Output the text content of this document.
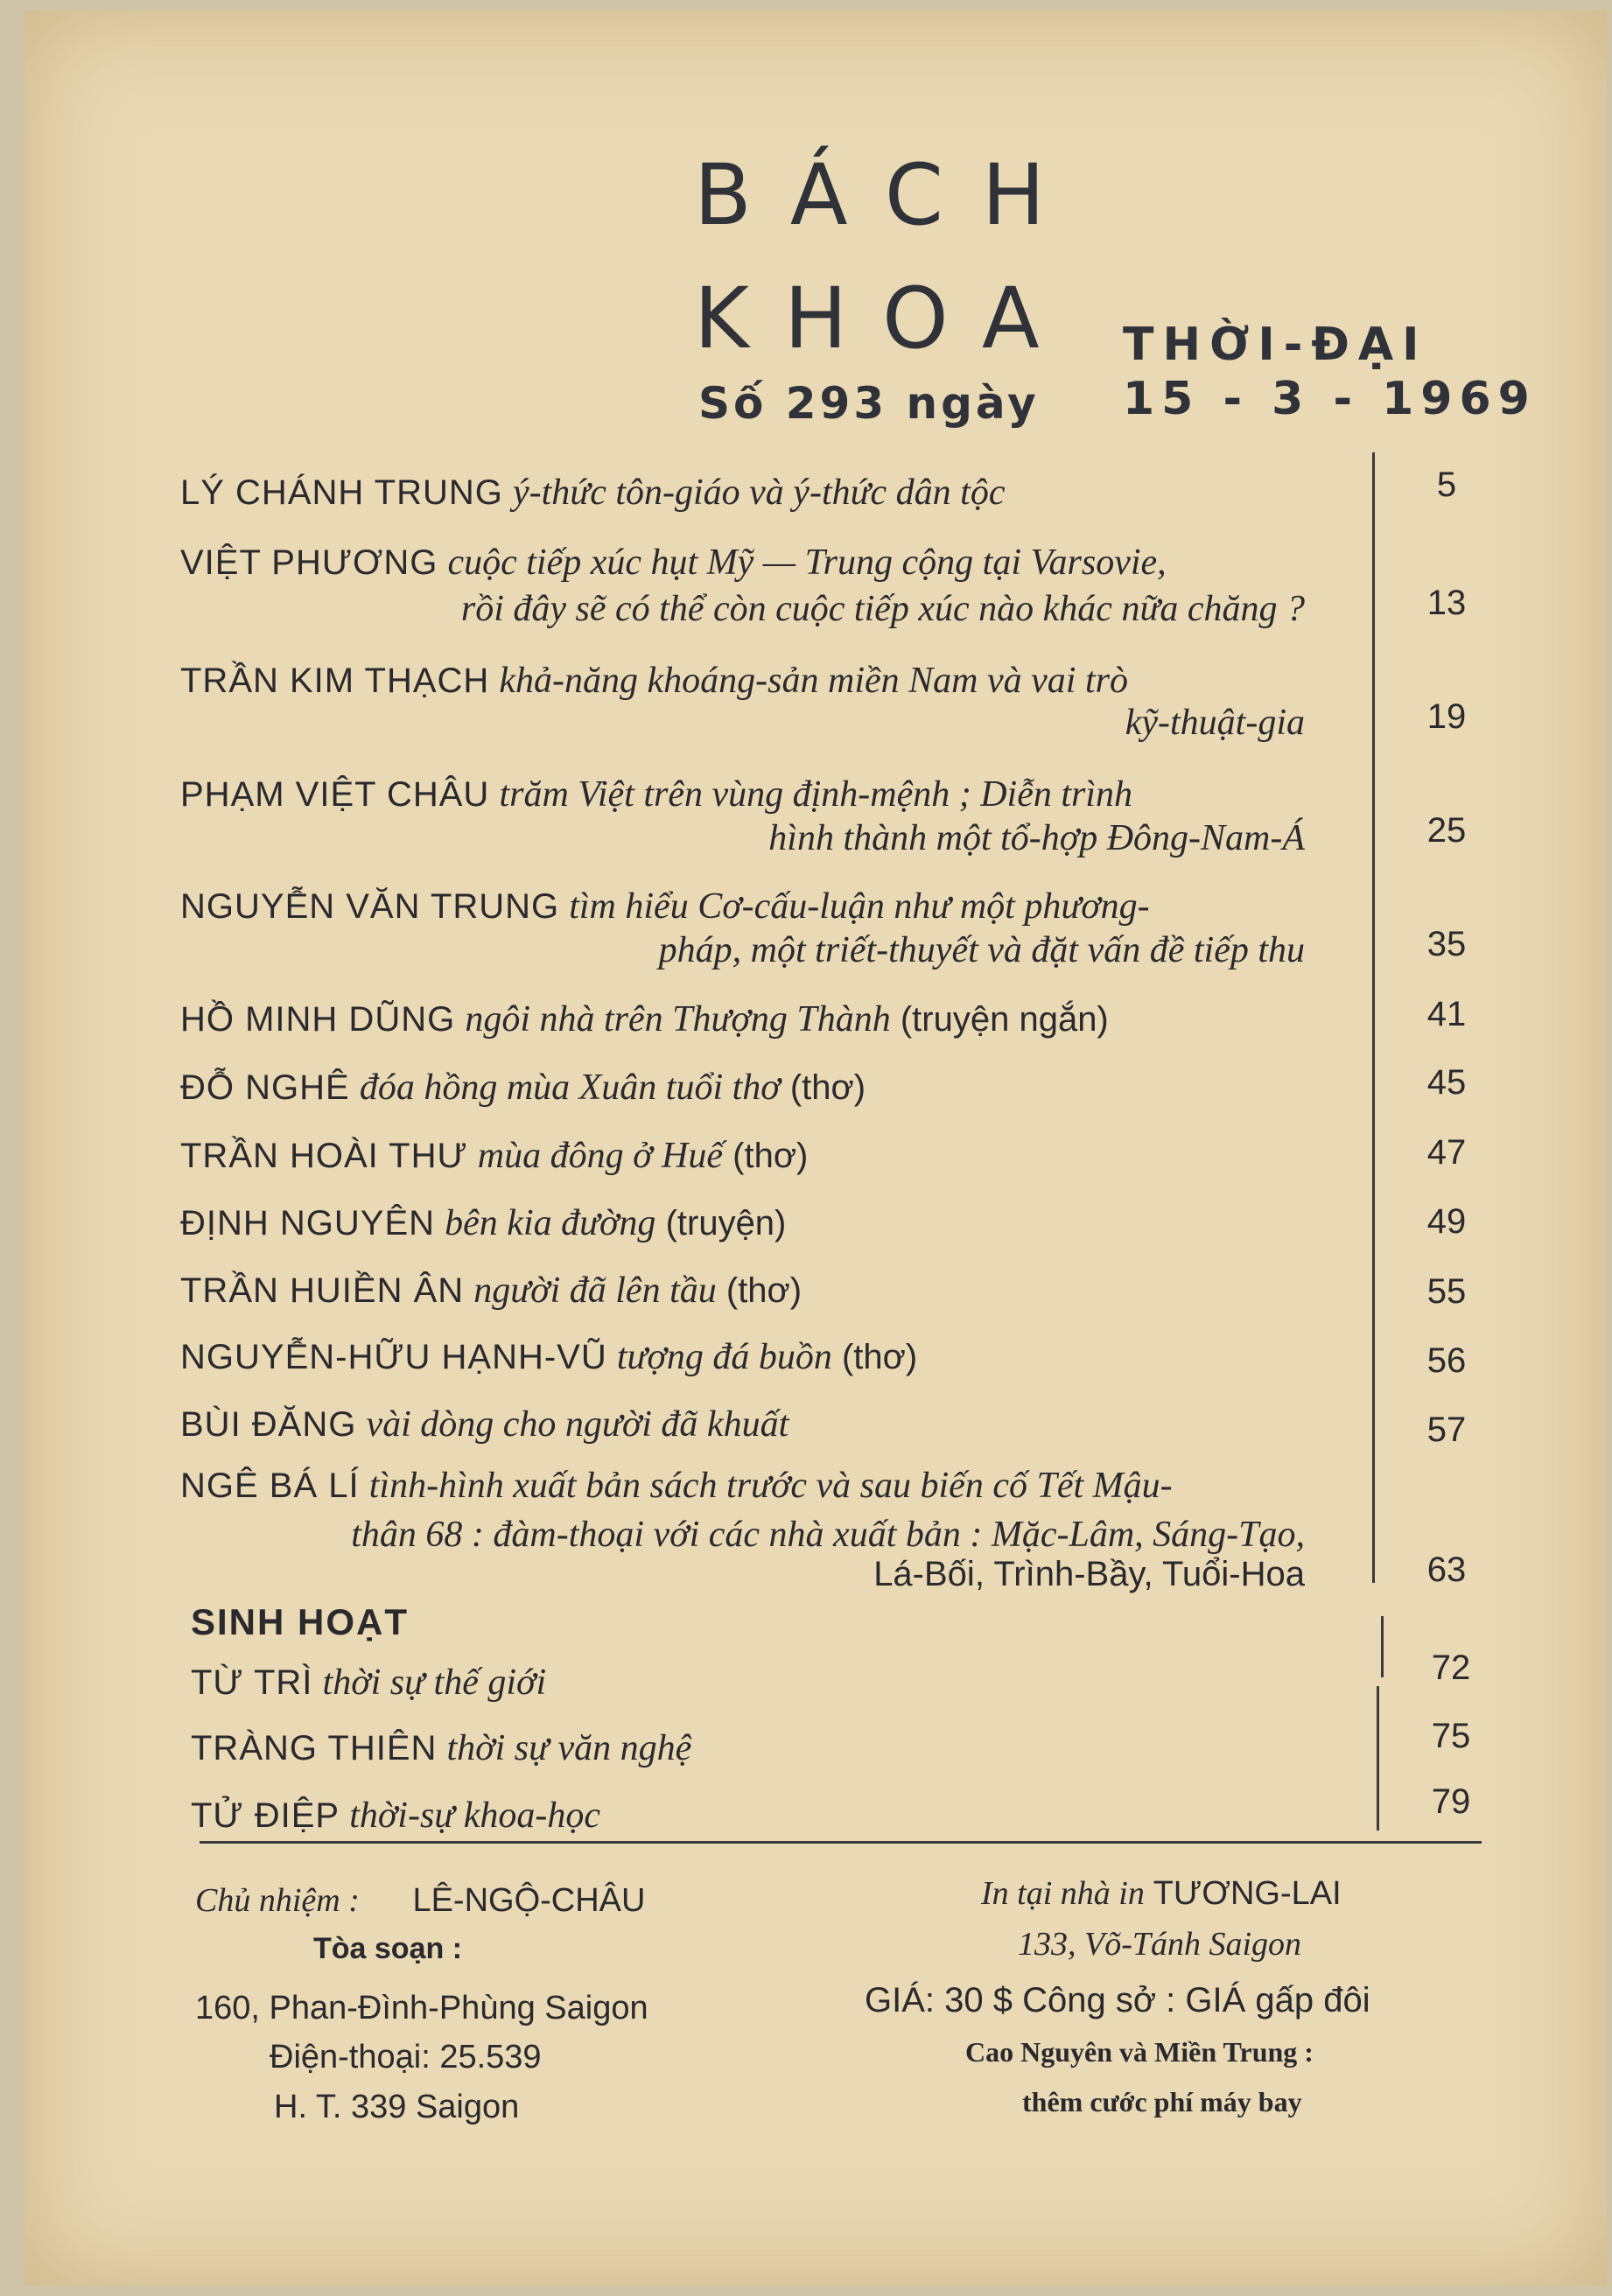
BÁCH
KHOA THỜI-ĐẠI
Số 293 ngày 15 - 3 - 1969
LÝ CHÁNH TRUNG ý-thức tôn-giáo và ý-thức dân tộc	5
VIỆT PHƯƠNG cuộc tiếp xúc hụt Mỹ — Trung cộng tại Varsovie,
rồi đây sẽ có thể còn cuộc tiếp xúc nào khác nữa chăng ?	13
TRẦN KIM THẠCH khả-năng khoáng-sản miền Nam và vai trò
kỹ-thuật-gia	19
PHẠM VIỆT CHÂU trăm Việt trên vùng định-mệnh ; Diễn trình
hình thành một tổ-hợp Đông-Nam-Á	25
NGUYỄN VĂN TRUNG tìm hiểu Cơ-cấu-luận như một phương-
pháp, một triết-thuyết và đặt vấn đề tiếp thu	35
HỒ MINH DŨNG ngôi nhà trên Thượng Thành (truyện ngắn)	41
ĐỖ NGHÊ đóa hồng mùa Xuân tuổi thơ (thơ)	45
TRẦN HOÀI THƯ mùa đông ở Huế (thơ)	47
ĐỊNH NGUYÊN bên kia đường (truyện)	49
TRẦN HUIỀN ÂN người đã lên tầu (thơ)	55
NGUYỄN-HỮU HẠNH-VŨ tượng đá buồn (thơ)	56
BÙI ĐĂNG vài dòng cho người đã khuất	57
NGÊ BÁ LÍ tình-hình xuất bản sách trước và sau biến cố Tết Mậu-
thân 68 : đàm-thoại với các nhà xuất bản : Mặc-Lâm, Sáng-Tạo,
Lá-Bối, Trình-Bầy, Tuổi-Hoa	63
SINH HOẠT
TỪ TRÌ thời sự thế giới	72
TRÀNG THIÊN thời sự văn nghệ	75
TỬ ĐIỆP thời-sự khoa-học	79
Chủ nhiệm : LÊ-NGỘ-CHÂU
Tòa soạn :
160, Phan-Đình-Phùng Saigon
Điện-thoại: 25.539
H. T. 339 Saigon
In tại nhà in TƯƠNG-LAI
133, Võ-Tánh Saigon
GIÁ: 30 $ Công sở : GIÁ gấp đôi
Cao Nguyên và Miền Trung :
thêm cước phí máy bay
